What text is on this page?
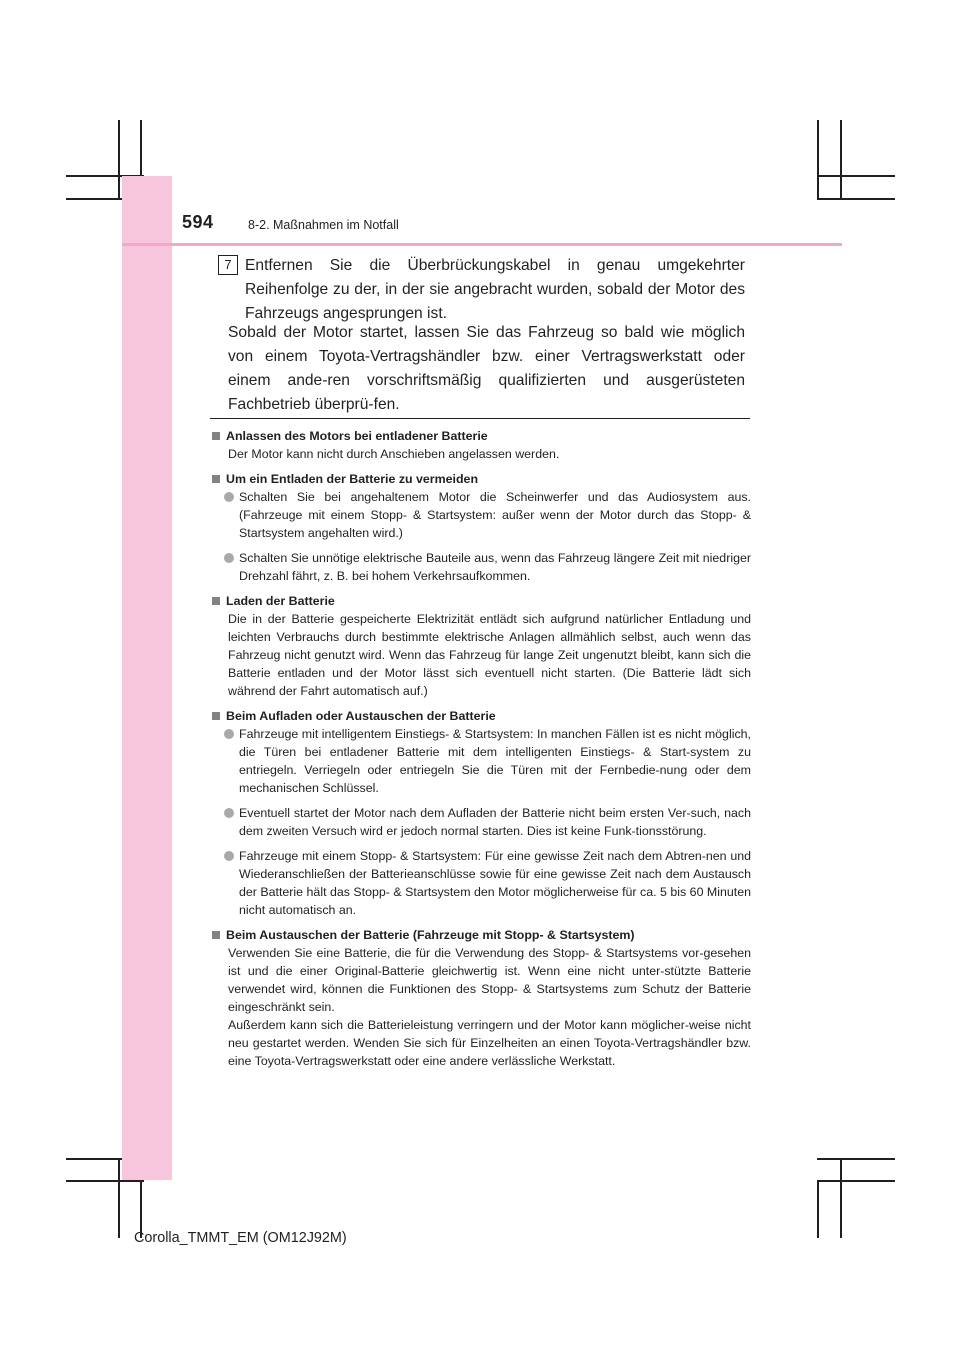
594	8-2. Maßnahmen im Notfall
7 Entfernen Sie die Überbrückungskabel in genau umgekehrter Reihenfolge zu der, in der sie angebracht wurden, sobald der Motor des Fahrzeugs angesprungen ist.
Sobald der Motor startet, lassen Sie das Fahrzeug so bald wie möglich von einem Toyota-Vertragshändler bzw. einer Vertragswerkstatt oder einem ande-ren vorschriftsmäßig qualifizierten und ausgerüsteten Fachbetrieb überprü-fen.
Anlassen des Motors bei entladener Batterie

Der Motor kann nicht durch Anschieben angelassen werden.

Um ein Entladen der Batterie zu vermeiden
Schalten Sie bei angehaltenem Motor die Scheinwerfer und das Audiosystem aus. (Fahrzeuge mit einem Stopp- & Startsystem: außer wenn der Motor durch das Stopp- & Startsystem angehalten wird.)
Schalten Sie unnötige elektrische Bauteile aus, wenn das Fahrzeug längere Zeit mit niedriger Drehzahl fährt, z. B. bei hohem Verkehrsaufkommen.
Laden der Batterie

Die in der Batterie gespeicherte Elektrizität entlädt sich aufgrund natürlicher Entladung und leichten Verbrauchs durch bestimmte elektrische Anlagen allmählich selbst, auch wenn das Fahrzeug nicht genutzt wird. Wenn das Fahrzeug für lange Zeit ungenutzt bleibt, kann sich die Batterie entladen und der Motor lässt sich eventuell nicht starten. (Die Batterie lädt sich während der Fahrt automatisch auf.)

Beim Aufladen oder Austauschen der Batterie
Fahrzeuge mit intelligentem Einstiegs- & Startsystem: In manchen Fällen ist es nicht möglich, die Türen bei entladener Batterie mit dem intelligenten Einstiegs- & Start-system zu entriegeln. Verriegeln oder entriegeln Sie die Türen mit der Fernbedie-nung oder dem mechanischen Schlüssel.
Eventuell startet der Motor nach dem Aufladen der Batterie nicht beim ersten Ver-such, nach dem zweiten Versuch wird er jedoch normal starten. Dies ist keine Funk-tionsstörung.
Fahrzeuge mit einem Stopp- & Startsystem: Für eine gewisse Zeit nach dem Abtren-nen und Wiederanschließen der Batterieanschlüsse sowie für eine gewisse Zeit nach dem Austausch der Batterie hält das Stopp- & Startsystem den Motor möglicherweise für ca. 5 bis 60 Minuten nicht automatisch an.
Beim Austauschen der Batterie (Fahrzeuge mit Stopp- & Startsystem)

Verwenden Sie eine Batterie, die für die Verwendung des Stopp- & Startsystems vor-gesehen ist und die einer Original-Batterie gleichwertig ist. Wenn eine nicht unter-stützte Batterie verwendet wird, können die Funktionen des Stopp- & Startsystems zum Schutz der Batterie eingeschränkt sein.

Außerdem kann sich die Batterieleistung verringern und der Motor kann möglicher-weise nicht neu gestartet werden. Wenden Sie sich für Einzelheiten an einen Toyota-Vertragshändler bzw. eine Toyota-Vertragswerkstatt oder eine andere verlässliche Werkstatt.

Corolla_TMMT_EM (OM12J92M)
